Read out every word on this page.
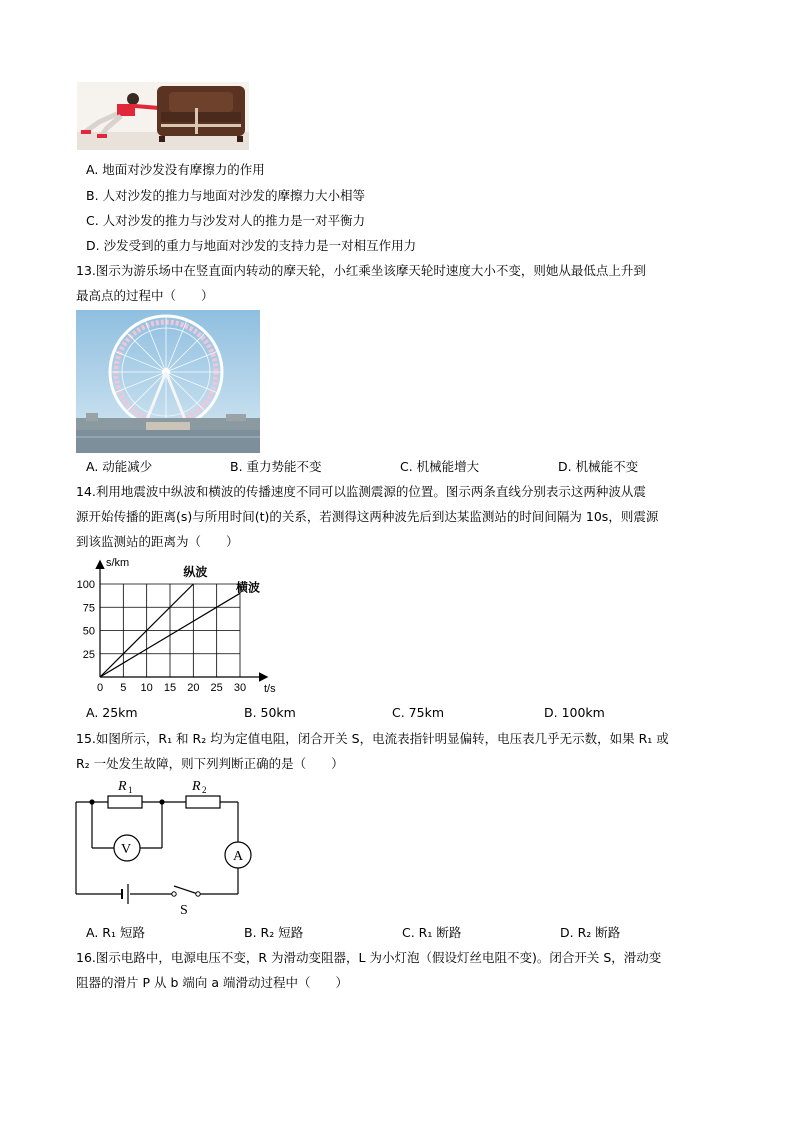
A. 地面对沙发没有摩擦力的作用
B. 人对沙发的推力与地面对沙发的摩擦力大小相等
C. 人对沙发的推力与沙发对人的推力是一对平衡力
D. 沙发受到的重力与地面对沙发的支持力是一对相互作用力
13.图示为游乐场中在竖直面内转动的摩天轮，小红乘坐该摩天轮时速度大小不变，则她从最低点上升到
最高点的过程中（　　）
A. 动能减少	B. 重力势能不变	C. 机械能增大	D. 机械能不变
14.利用地震波中纵波和横波的传播速度不同可以监测震源的位置。图示两条直线分别表示这两种波从震
源开始传播的距离(s)与所用时间(t)的关系，若测得这两种波先后到达某监测站的时间间隔为 10s，则震源
到该监测站的距离为（　　）
0 5 10 15 20 25 30
25
50
75
100
纵波
横波
s/km
t/s
A. 25km	B. 50km	C. 75km	D. 100km
15.如图所示，R₁ 和 R₂ 均为定值电阻，闭合开关 S，电流表指针明显偏转，电压表几乎无示数，如果 R₁ 或
R₂ 一处发生故障，则下列判断正确的是（　　）
R 1	R 2
V	A
S
A. R₁ 短路	B. R₂ 短路	C. R₁ 断路	D. R₂ 断路
16.图示电路中，电源电压不变，R 为滑动变阻器，L 为小灯泡（假设灯丝电阻不变)。闭合开关 S，滑动变
阻器的滑片 P 从 b 端向 a 端滑动过程中（　　）
